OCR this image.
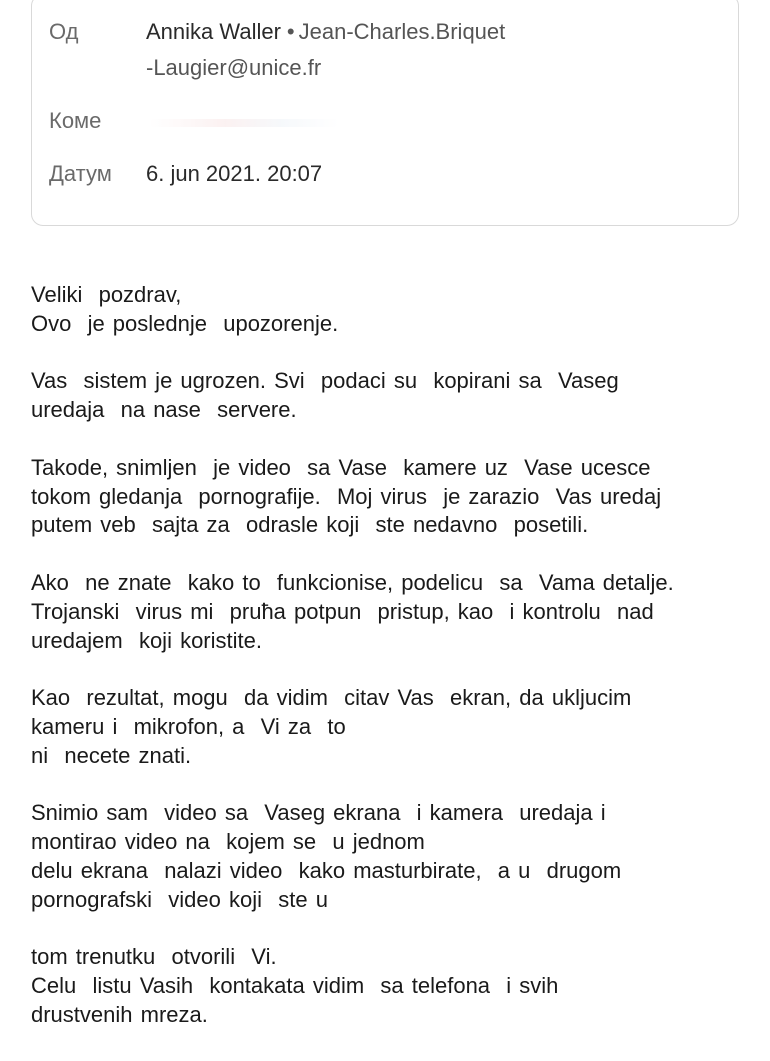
Од	Annika Waller • Jean-Charles.Briquet
-Laugier@unice.fr
Коме
Датум 6. jun 2021. 20:07
Veliki  pozdrav,
Ovo  je poslednje  upozorenje.
Vas  sistem je ugrozen. Svi  podaci su  kopirani sa  Vaseg
uredaja  na nase  servere.
Takode, snimljen  je video  sa Vase  kamere uz  Vase ucesce
tokom gledanja  pornografije.  Moj virus  je zarazio  Vas uredaj
putem veb  sajta za  odrasle koji  ste nedavno  posetili.
Ako  ne znate  kako to  funkcionise, podelicu  sa  Vama detalje.
Trojanski  virus mi  pruћa potpun  pristup, kao  i kontrolu  nad
uredajem  koji koristite.
Kao  rezultat, mogu  da vidim  citav Vas  ekran, da ukljucim
kameru i  mikrofon, a  Vi za  to
ni  necete znati.
Snimio sam  video sa  Vaseg ekrana  i kamera  uredaja i
montirao video na  kojem se  u jednom
delu ekrana  nalazi video  kako masturbirate,  a u  drugom
pornografski  video koji  ste u
tom trenutku  otvorili  Vi.
Celu  listu Vasih  kontakata vidim  sa telefona  i svih
drustvenih mreza.
